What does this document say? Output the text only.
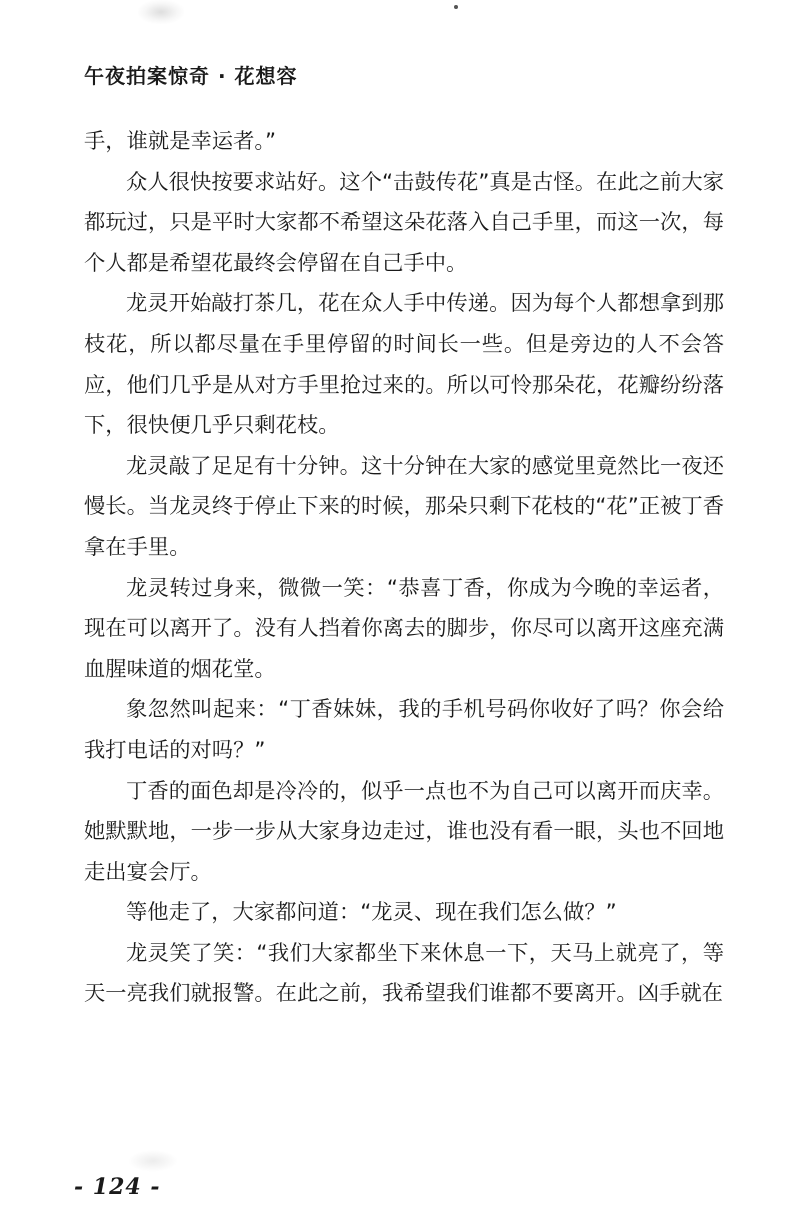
午夜拍案惊奇 · 花想容

手，谁就是幸运者。”

众人很快按要求站好。这个“击鼓传花”真是古怪。在此之前大家都玩过，只是平时大家都不希望这朵花落入自己手里，而这一次，每个人都是希望花最终会停留在自己手中。

龙灵开始敲打茶几，花在众人手中传递。因为每个人都想拿到那枝花，所以都尽量在手里停留的时间长一些。但是旁边的人不会答应，他们几乎是从对方手里抢过来的。所以可怜那朵花，花瓣纷纷落下，很快便几乎只剩花枝。

龙灵敲了足足有十分钟。这十分钟在大家的感觉里竟然比一夜还慢长。当龙灵终于停止下来的时候，那朵只剩下花枝的“花”正被丁香拿在手里。

龙灵转过身来，微微一笑：“恭喜丁香，你成为今晚的幸运者，现在可以离开了。没有人挡着你离去的脚步，你尽可以离开这座充满血腥味道的烟花堂。

象忽然叫起来：“丁香妹妹，我的手机号码你收好了吗？你会给我打电话的对吗？”

丁香的面色却是冷冷的，似乎一点也不为自己可以离开而庆幸。她默默地，一步一步从大家身边走过，谁也没有看一眼，头也不回地走出宴会厅。

等他走了，大家都问道：“龙灵、现在我们怎么做？”

龙灵笑了笑：“我们大家都坐下来休息一下，天马上就亮了，等天一亮我们就报警。在此之前，我希望我们谁都不要离开。凶手就在

- 124 -
